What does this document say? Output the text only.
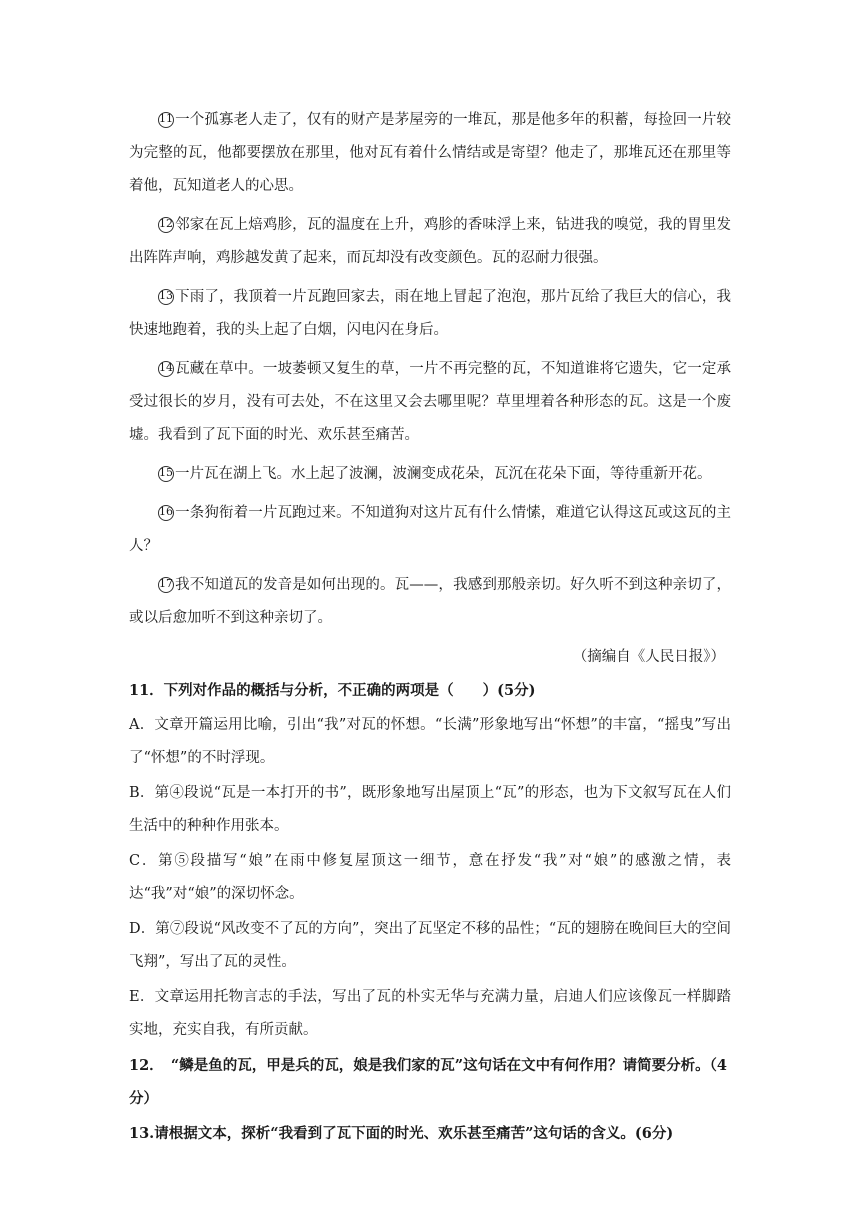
11 一个孤寡老人走了，仅有的财产是茅屋旁的一堆瓦，那是他多年的积蓄，每捡回一片较为完整的瓦，他都要摆放在那里，他对瓦有着什么情结或是寄望？他走了，那堆瓦还在那里等着他，瓦知道老人的心思。

12 邻家在瓦上焙鸡胗，瓦的温度在上升，鸡胗的香味浮上来，钻进我的嗅觉，我的胃里发出阵阵声响，鸡胗越发黄了起来，而瓦却没有改变颜色。瓦的忍耐力很强。

13 下雨了，我顶着一片瓦跑回家去，雨在地上冒起了泡泡，那片瓦给了我巨大的信心，我快速地跑着，我的头上起了白烟，闪电闪在身后。

14 瓦藏在草中。一坡萎顿又复生的草，一片不再完整的瓦，不知道谁将它遗失，它一定承受过很长的岁月，没有可去处，不在这里又会去哪里呢？草里埋着各种形态的瓦。这是一个废墟。我看到了瓦下面的时光、欢乐甚至痛苦。

15 一片瓦在湖上飞。水上起了波澜，波澜变成花朵，瓦沉在花朵下面，等待重新开花。

16 一条狗衔着一片瓦跑过来。不知道狗对这片瓦有什么情愫，难道它认得这瓦或这瓦的主人？

17 我不知道瓦的发音是如何出现的。瓦——，我感到那般亲切。好久听不到这种亲切了，或以后愈加听不到这种亲切了。

（摘编自《人民日报》）

11．下列对作品的概括与分析，不正确的两项是（　　）(5分)

A．文章开篇运用比喻，引出“我”对瓦的怀想。“长满”形象地写出“怀想”的丰富，“摇曳”写出了“怀想”的不时浮现。

B．第④段说“瓦是一本打开的书”，既形象地写出屋顶上“瓦”的形态，也为下文叙写瓦在人们生活中的种种作用张本。

C．第⑤段描写“娘”在雨中修复屋顶这一细节，意在抒发“我”对“娘”的感激之情，表达“我”对“娘”的深切怀念。

D．第⑦段说“风改变不了瓦的方向”，突出了瓦坚定不移的品性；“瓦的翅膀在晚间巨大的空间飞翔”，写出了瓦的灵性。

E．文章运用托物言志的手法，写出了瓦的朴实无华与充满力量，启迪人们应该像瓦一样脚踏实地，充实自我，有所贡献。

12．　“鳞是鱼的瓦，甲是兵的瓦，娘是我们家的瓦”这句话在文中有何作用？请简要分析。（4分）

13.请根据文本，探析“我看到了瓦下面的时光、欢乐甚至痛苦”这句话的含义。(6分)
